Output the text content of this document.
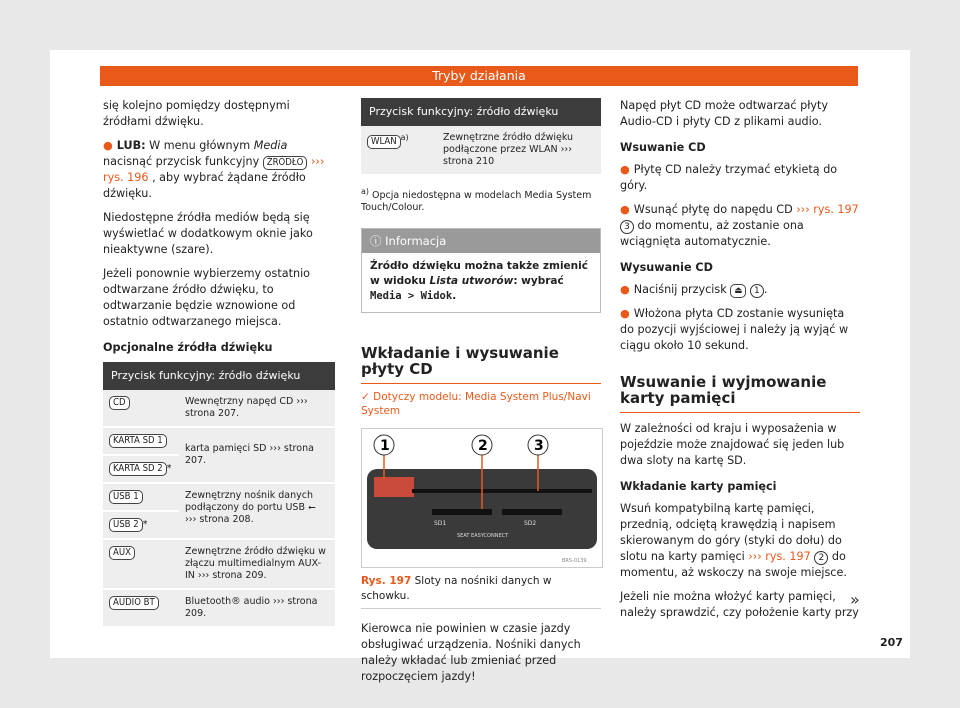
Tryby działania

się kolejno pomiędzy dostępnymi źródłami dźwięku.

● LUB: W menu głównym Media nacisnąć przycisk funkcyjny ŹRÓDŁO ››› rys. 196 , aby wybrać żądane źródło dźwięku.

Niedostępne źródła mediów będą się wyświetlać w dodatkowym oknie jako nieaktywne (szare).

Jeżeli ponownie wybierzemy ostatnio odtwarzane źródło dźwięku, to odtwarzanie będzie wznowione od ostatnio odtwarzanego miejsca.

Opcjonalne źródła dźwięku

Przycisk funkcyjny: źródło dźwięku	
CD	Wewnętrzny napęd CD ››› strona 207.
KARTA SD 1	karta pamięci SD ››› strona 207.
KARTA SD 2 *	
USB 1	Zewnętrzny nośnik danych podłączony do portu USB ⭠ ››› strona 208.
USB 2 *	
AUX	Zewnętrzne źródło dźwięku w złączu multimedialnym AUX-IN ››› strona 209.
AUDIO BT	Bluetooth® audio ››› strona 209.
Przycisk funkcyjny: źródło dźwięku
WLAN $^{a)}$	Zewnętrzne źródło dźwięku podłączone przez WLAN ››› strona 210
$^{a)}$ Opcja niedostępna w modelach Media System Touch/Colour.
ⓘ Informacja
Źródło dźwięku można także zmienić w widoku Lista utworów: wybrać Media > Widok.
Wkładanie i wysuwanie płyty CD
✓ Dotyczy modelu: Media System Plus/Navi System
SD1	SD2
SEAT EASYCONNECT
1	2	3
BRS-0139
Rys. 197 Sloty na nośniki danych w schowku.

Kierowca nie powinien w czasie jazdy obsługiwać urządzenia. Nośniki danych należy wkładać lub zmieniać przed rozpoczęciem jazdy!

Napęd płyt CD może odtwarzać płyty Audio-CD i płyty CD z plikami audio.

Wsuwanie CD

● Płytę CD należy trzymać etykietą do góry.

● Wsunąć płytę do napędu CD ››› rys. 197 3 do momentu, aż zostanie ona wciągnięta automatycznie.

Wysuwanie CD

● Naciśnij przycisk ⏏ 1 .

● Włożona płyta CD zostanie wysunięta do pozycji wyjściowej i należy ją wyjąć w ciągu około 10 sekund.

Wsuwanie i wyjmowanie karty pamięci

W zależności od kraju i wyposażenia w pojeździe może znajdować się jeden lub dwa sloty na kartę SD.

Wkładanie karty pamięci

Wsuń kompatybilną kartę pamięci, przednią, odciętą krawędzią i napisem skierowanym do góry (styki do dołu) do slotu na karty pamięci ››› rys. 197 2 do momentu, aż wskoczy na swoje miejsce.

Jeżeli nie można włożyć karty pamięci, należy sprawdzić, czy położenie karty przy

»
207
